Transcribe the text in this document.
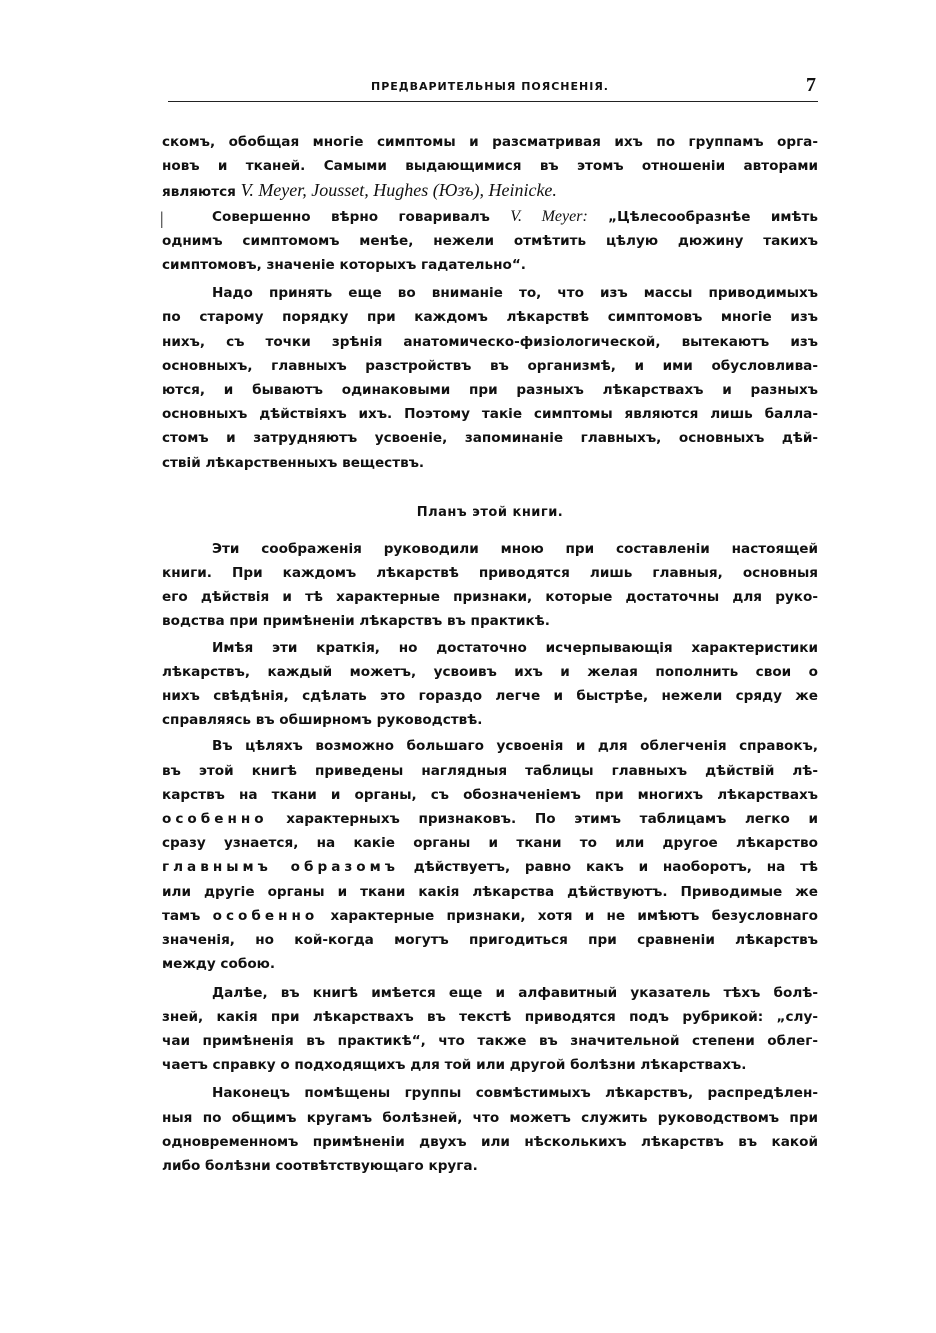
ПРЕДВАРИТЕЛЬНЫЯ ПОЯСНЕНІЯ.	7
|
Планъ этой книги.

скомъ, обобщая многіе симптомы и разсматривая ихъ по группамъ орга-
новъ и тканей. Самыми выдающимися въ этомъ отношеніи авторами
являются V. Meyer, Jousset, Hughes (Юзъ), Heinicke.

Совершенно вѣрно говаривалъ V. Meyer: „Цѣлесообразнѣе имѣть

однимъ симптомомъ менѣе, нежели отмѣтить цѣлую дюжину такихъ
симптомовъ, значеніе которыхъ гадательно“.

Надо принять еще во вниманіе то, что изъ массы приводимыхъ
по старому порядку при каждомъ лѣкарствѣ симптомовъ многіе изъ
нихъ, съ точки зрѣнія анатомическо-физіологической, вытекаютъ изъ
основныхъ, главныхъ разстройствъ въ организмѣ, и ими обусловливa-
ются, и бываютъ одинаковыми при разныхъ лѣкарствахъ и разныхъ
основныхъ дѣйствіяхъ ихъ. Поэтому такіе симптомы являются лишь балла-
стомъ и затрудняютъ усвоеніе, запоминаніе главныхъ, основныхъ дѣй-
ствій лѣкарственныхъ веществъ.

Эти соображенія руководили мною при составленіи настоящей
книги. При каждомъ лѣкарствѣ приводятся лишь главныя, основныя
его дѣйствія и тѣ характерные признаки, которые достаточны для руко-
водства при примѣненіи лѣкарствъ въ практикѣ.

Имѣя эти краткія, но достаточно исчерпывающія характеристики
лѣкарствъ, каждый можетъ, усвоивъ ихъ и желая пополнить свои о
нихъ свѣдѣнія, сдѣлать это гораздо легче и быстрѣе, нежели сряду же
справляясь въ обширномъ руководствѣ.

Въ цѣляхъ возможно большаго усвоенія и для облегченія справокъ,
въ этой книгѣ приведены наглядныя таблицы главныхъ дѣйствій лѣ-
карствъ на ткани и органы, съ обозначеніемъ при многихъ лѣкарствахъ
особенно характерныхъ признаковъ. По этимъ таблицамъ легко и
сразу узнается, на какіе органы и ткани то или другое лѣкарство
главнымъ образомъ дѣйствуетъ, равно какъ и наоборотъ, на тѣ
или другіе органы и ткани какія лѣкарства дѣйствуютъ. Приводимые же
тамъ особенно характерные признаки, хотя и не имѣютъ безусловнаго
значенія, но кой-когда могутъ пригодиться при сравненіи лѣкарствъ
между собою.

Далѣе, въ книгѣ имѣется еще и алфавитный указатель тѣхъ болѣ-
зней, какія при лѣкарствахъ въ текстѣ приводятся подъ рубрикой: „слу-
чаи примѣненія въ практикѣ“, что также въ значительной степени облег-
чаетъ справку о подходящихъ для той или другой болѣзни лѣкарствахъ.

Наконецъ помѣщены группы совмѣстимыхъ лѣкарствъ, распредѣлен-
ныя по общимъ кругамъ болѣзней, что можетъ служить руководствомъ при
одновременномъ примѣненіи двухъ или нѣсколькихъ лѣкарствъ въ какой
либо болѣзни соотвѣтствующаго круга.
